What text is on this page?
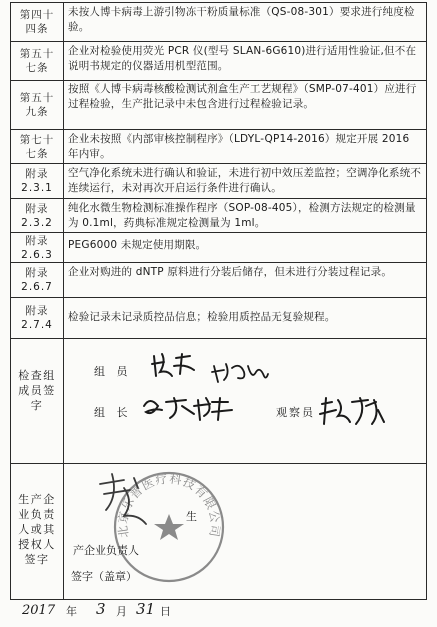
第四十
四条
未按人博卡病毒上游引物冻干粉质量标准（QS-08-301）要求进行纯度检验。
第五十
七条
企业对检验使用荧光 PCR 仪(型号 SLAN-6G610)进行适用性验证,但不在说明书规定的仪器适用机型范围。
第五十
九条
按照《人博卡病毒核酸检测试剂盒生产工艺规程》（SMP-07-401）应进行过程检验，生产批记录中未包含进行过程检验记录。
第七十
七条
企业未按照《内部审核控制程序》（LDYL-QP14-2016）规定开展 2016 年内审。
附录
2.3.1
空气净化系统未进行确认和验证，未进行初中效压差监控；空调净化系统不连续运行，未对再次开启运行条件进行确认。
附录
2.3.2
纯化水微生物检测标准操作程序（SOP-08-405），检测方法规定的检测量为 0.1ml，药典标准规定检测量为 1ml。
附录
2.6.3
PEG6000 未规定使用期限。
附录
2.6.7
企业对购进的 dNTP 原料进行分装后储存，但未进行分装过程记录。
附录
2.7.4
检验记录未记录质控品信息；检验用质控品无复验规程。
检查组成员签字
组 员
组 长	观察员
生产企业负责人或其授权人签字
北京乐普医疗科技有限公司
生
产企业负责人
签字（盖章）
2017 年 3 月 31 日
